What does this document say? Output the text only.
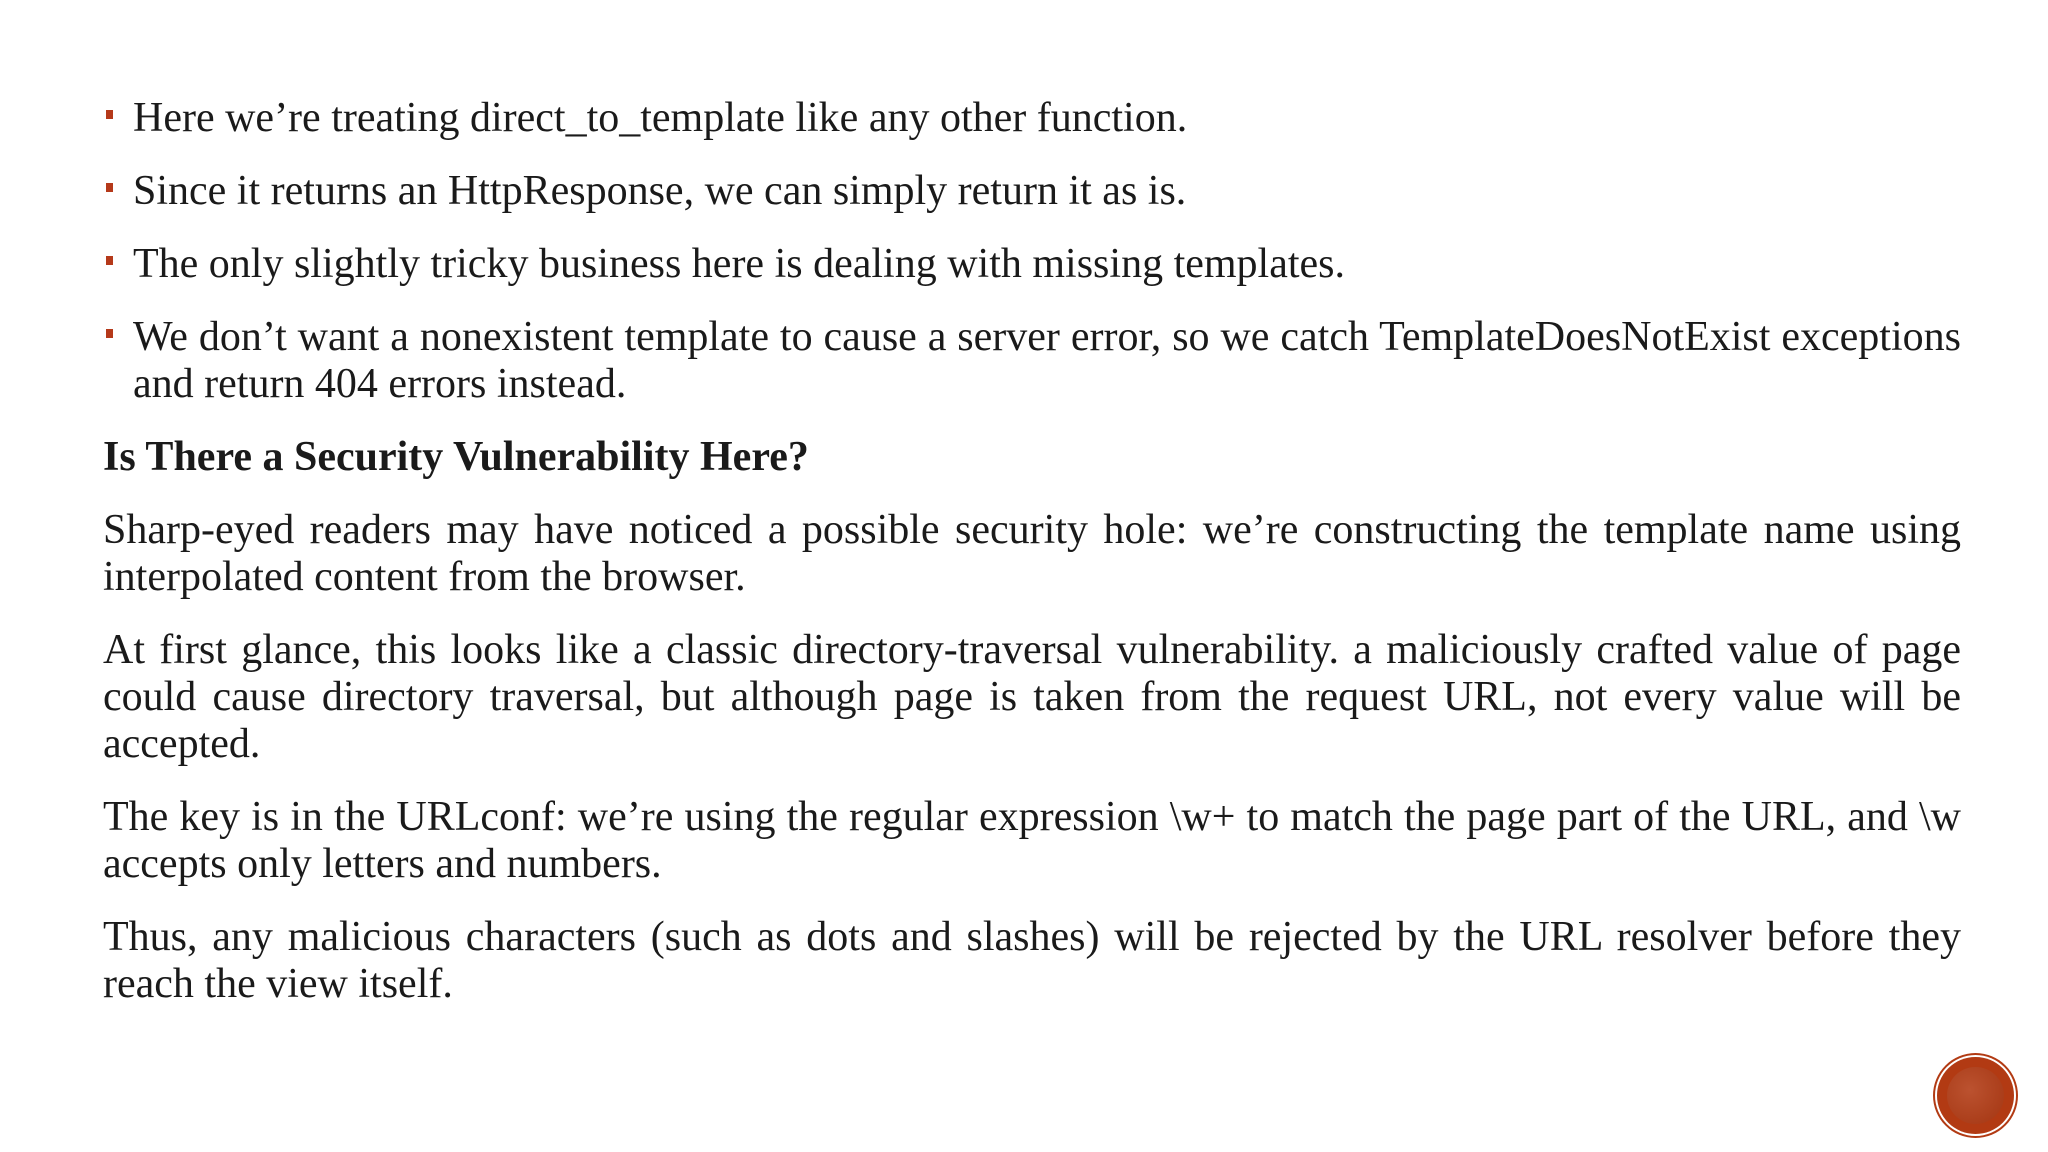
Here we’re treating direct_to_template like any other function.
Since it returns an HttpResponse, we can simply return it as is.
The only slightly tricky business here is dealing with missing templates.
We don’t want a nonexistent template to cause a server error, so we catch TemplateDoesNotExist exceptions and return 404 errors instead.
Is There a Security Vulnerability Here?

Sharp-eyed readers may have noticed a possible security hole: we’re constructing the template name using interpolated content from the browser.

At first glance, this looks like a classic directory-traversal vulnerability. a maliciously crafted value of page could cause directory traversal, but although page is taken from the request URL, not every value will be accepted.

The key is in the URLconf: we’re using the regular expression \w+ to match the page part of the URL, and \w accepts only letters and numbers.

Thus, any malicious characters (such as dots and slashes) will be rejected by the URL resolver before they reach the view itself.
